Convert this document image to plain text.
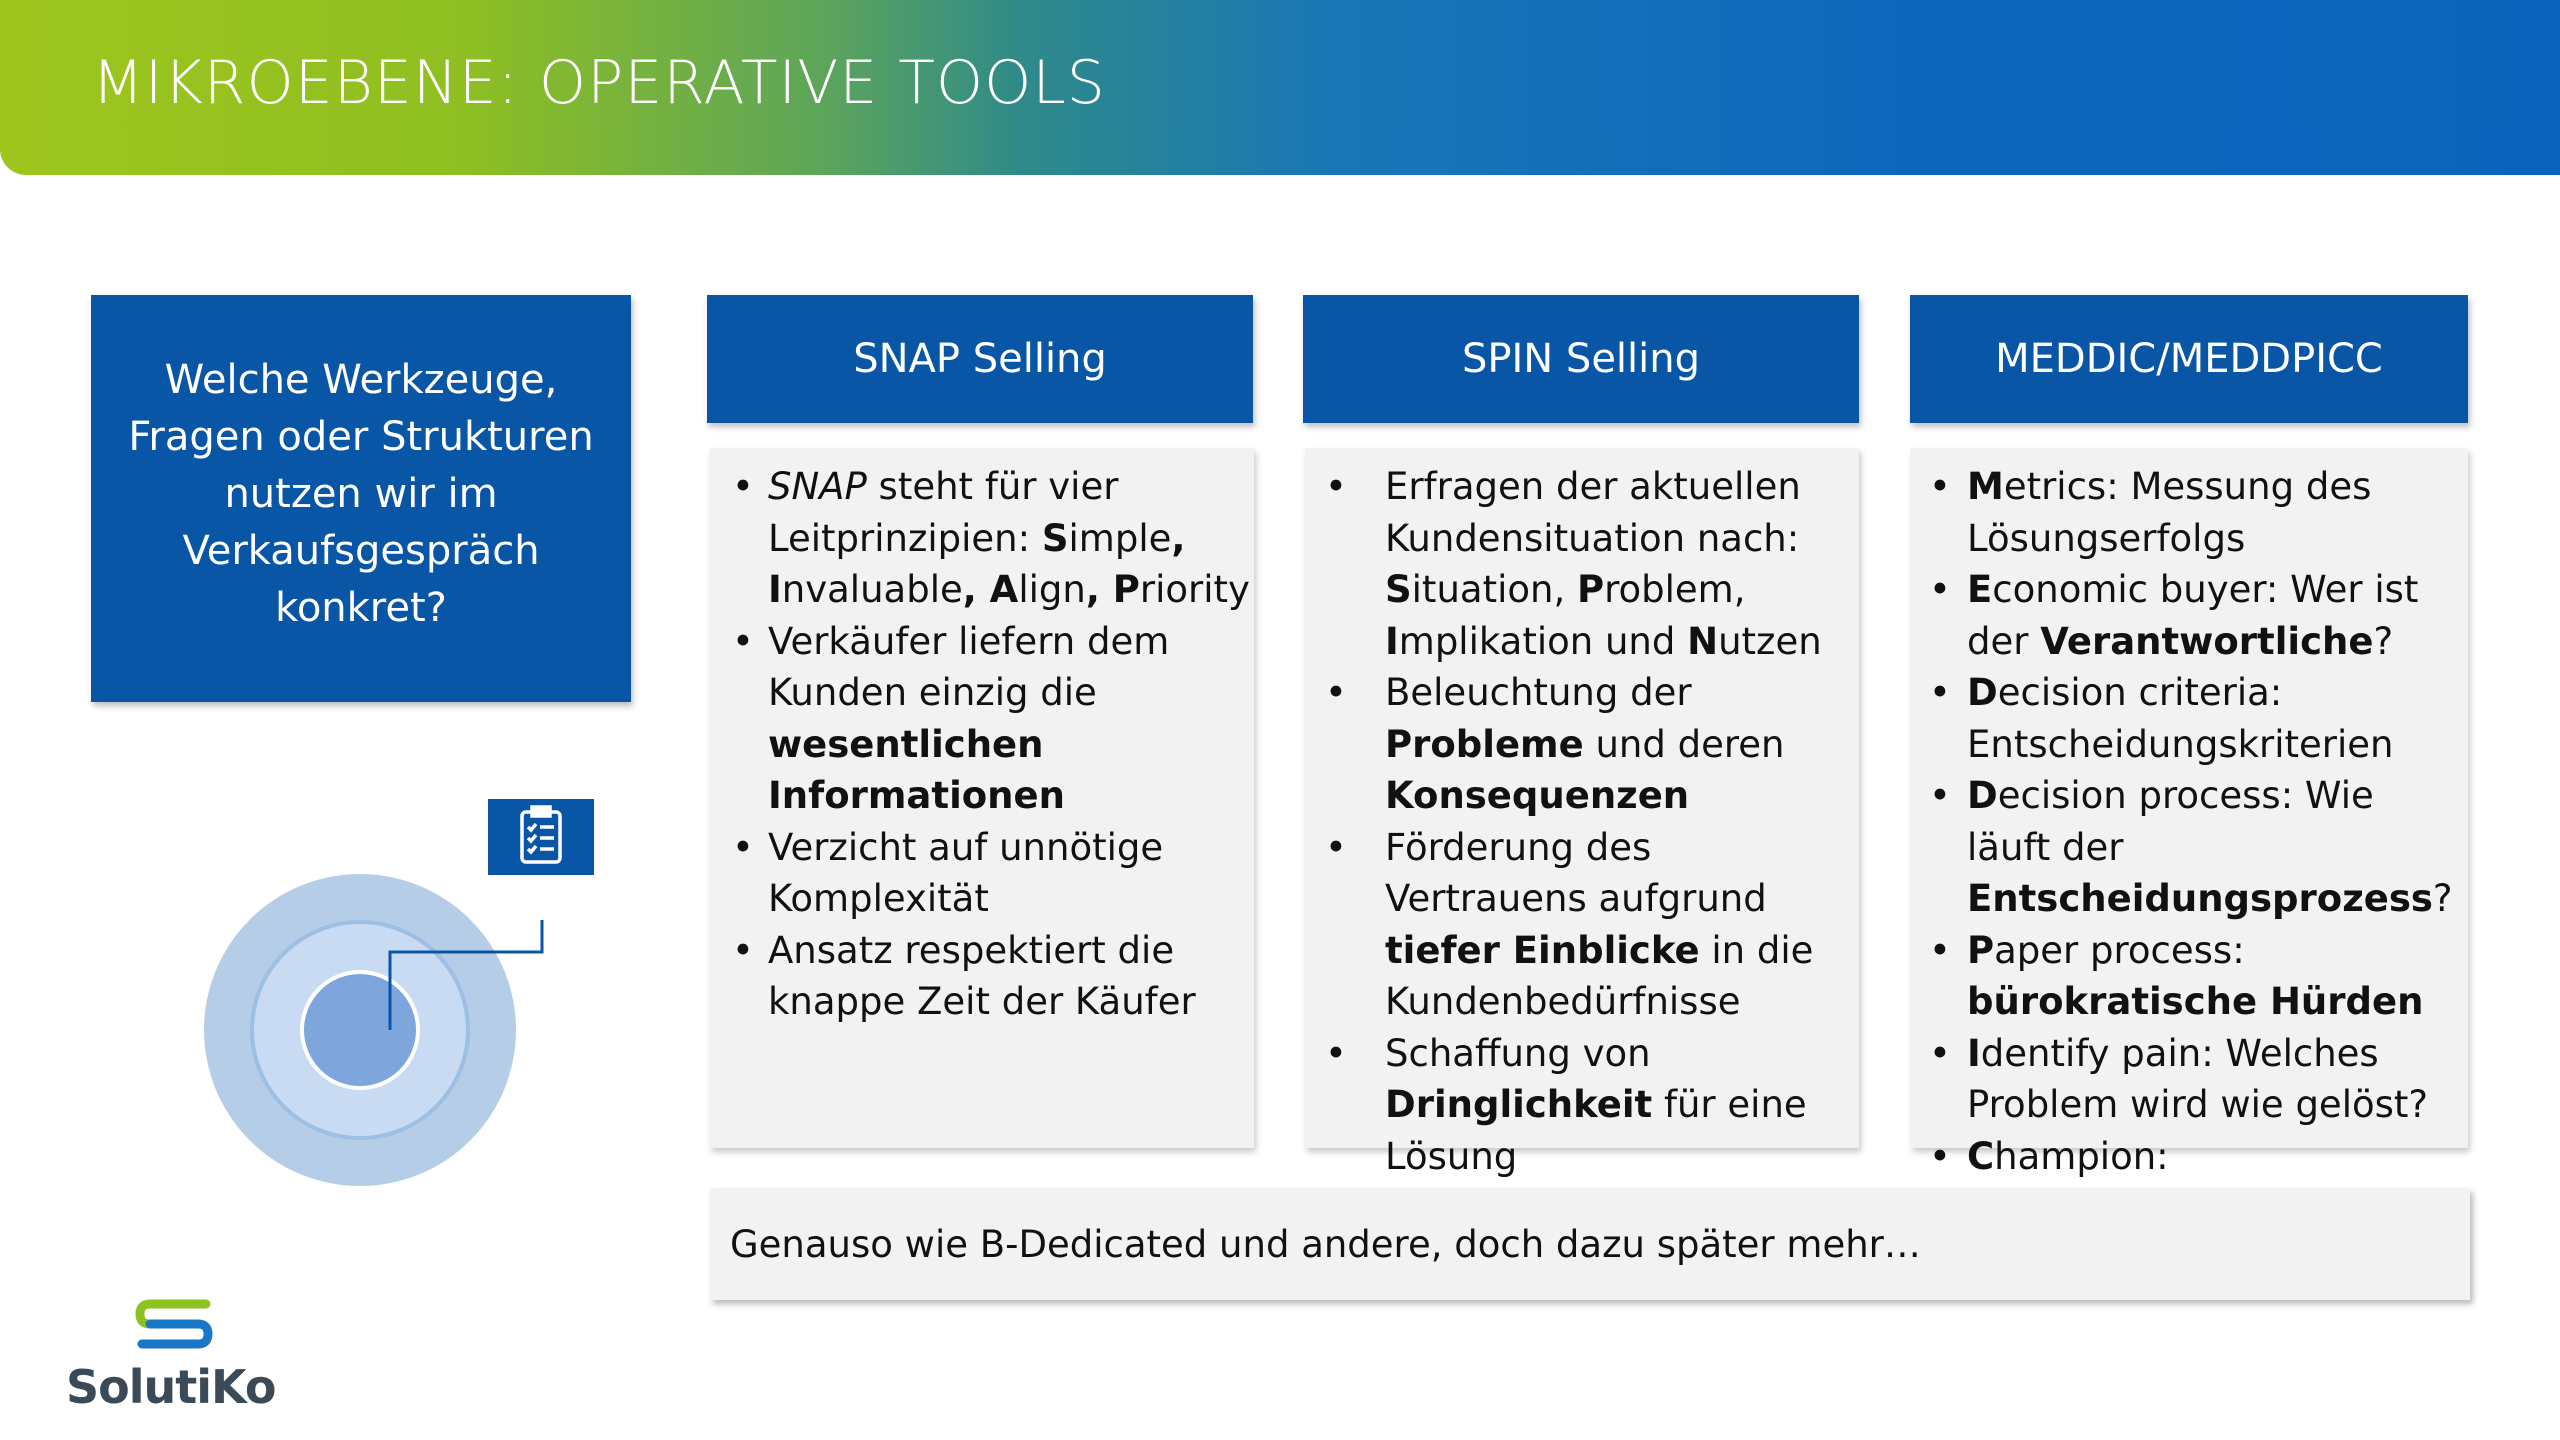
MIKROEBENE: OPERATIVE TOOLS
Welche Werkzeuge, Fragen oder Strukturen nutzen wir im Verkaufsgespräch konkret?
SNAP Selling
• SNAP steht für vier Leitprinzipien: Simple, Invaluable, Align, Priority
• Verkäufer liefern dem Kunden einzig die wesentlichen Informationen
• Verzicht auf unnötige Komplexität
• Ansatz respektiert die knappe Zeit der Käufer
SPIN Selling
• Erfragen der aktuellen Kundensituation nach: Situation, Problem, Implikation und Nutzen
• Beleuchtung der Probleme und deren Konsequenzen
• Förderung des Vertrauens aufgrund tiefer Einblicke in die Kundenbedürfnisse
• Schaffung von Dringlichkeit für eine Lösung
MEDDIC/MEDDPICC
• Metrics: Messung des Lösungserfolgs
• Economic buyer: Wer ist der Verantwortliche?
• Decision criteria: Entscheidungskriterien
• Decision process: Wie läuft der Entscheidungsprozess?
• Paper process: bürokratische Hürden
• Identify pain: Welches Problem wird wie gelöst?
• Champion:
Genauso wie B-Dedicated und andere, doch dazu später mehr…
SolutiKo
